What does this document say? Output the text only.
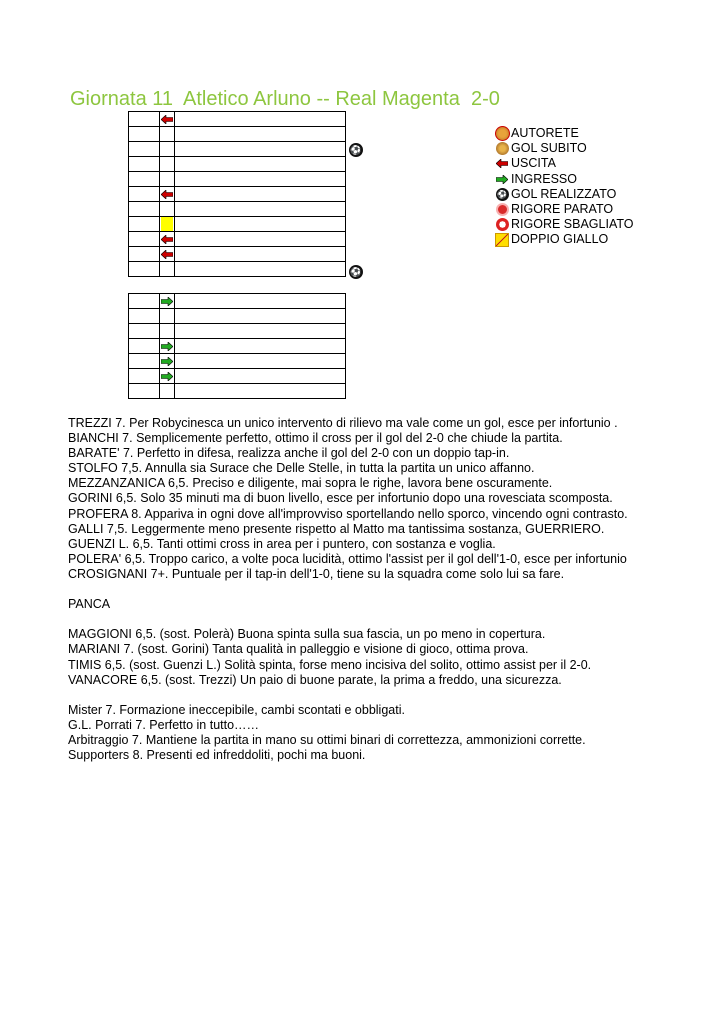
Giornata 11  Atletico Arluno -- Real Magenta  2-0

⚽
⚽
AUTORETE
GOL SUBITO
USCITA
INGRESSO
⚽ GOL REALIZZATO
RIGORE PARATO
RIGORE SBAGLIATO
DOPPIO GIALLO

TREZZI 7. Per Robycinesca un unico intervento di rilievo ma vale come un gol, esce per infortunio .

BIANCHI 7. Semplicemente perfetto, ottimo il cross per il gol del 2-0 che chiude la partita.

BARATE' 7. Perfetto in difesa, realizza anche il gol del 2-0 con un doppio tap-in.

STOLFO 7,5. Annulla sia Surace che Delle Stelle, in tutta la partita un unico affanno.

MEZZANZANICA 6,5. Preciso e diligente, mai sopra le righe, lavora bene oscuramente.

GORINI 6,5. Solo 35 minuti ma di buon livello, esce per infortunio dopo una rovesciata scomposta.

PROFERA 8. Appariva in ogni dove all'improvviso sportellando nello sporco, vincendo ogni contrasto.

GALLI 7,5. Leggermente meno presente rispetto al Matto ma tantissima sostanza, GUERRIERO.

GUENZI L. 6,5. Tanti ottimi cross in area per i puntero, con sostanza e voglia.

POLERA' 6,5. Troppo carico, a volte poca lucidità, ottimo l'assist per il gol dell'1-0, esce per infortunio

CROSIGNANI 7+. Puntuale per il tap-in dell'1-0, tiene su la squadra come solo lui sa fare.

PANCA

MAGGIONI 6,5. (sost. Polerà) Buona spinta sulla sua fascia, un po meno in copertura.

MARIANI 7. (sost. Gorini) Tanta qualità in palleggio e visione di gioco, ottima prova.

TIMIS 6,5. (sost. Guenzi L.) Solità spinta, forse meno incisiva del solito, ottimo assist per il 2-0.

VANACORE 6,5. (sost. Trezzi) Un paio di buone parate, la prima a freddo, una sicurezza.

Mister 7. Formazione ineccepibile, cambi scontati e obbligati.

G.L. Porrati 7. Perfetto in tutto……

Arbitraggio 7. Mantiene la partita in mano su ottimi binari di correttezza, ammonizioni corrette.

Supporters 8. Presenti ed infreddoliti, pochi ma buoni.
